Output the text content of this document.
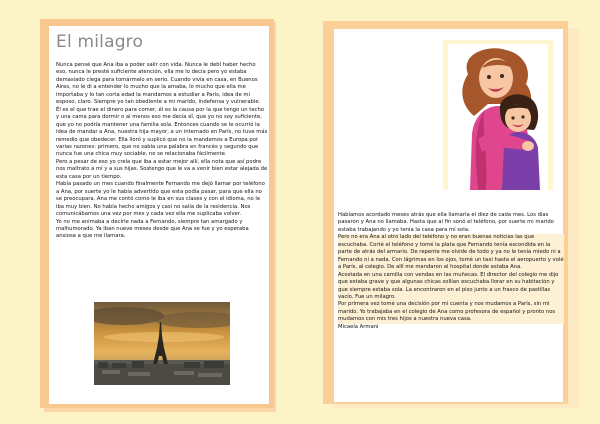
El milagro

Nunca pensé que Ana iba a poder salir con vida. Nunca le debí haber hecho eso, nunca le presté suficiente atención, ella me lo decía pero yo estaba demasiado ciega para tomármelo en serio. Cuando vivía en casa, en Buenos Aires, no le di a entender lo mucho que la amaba, lo mucho que ella me importaba y lo tan corta edad la mandamos a estudiar a París, idea de mi esposo, claro. Siempre yo tan obediente a mi marido, indefensa y vulnerable.

Él es el que trae el dinero para comer, él es la causa por la que tengo un techo y una cama para dormir o al menos eso me decía él, que yo no soy suficiente, que yo no podría mantener una familia sola. Entonces cuando se le ocurrió la idea de mandar a Ana, nuestra hija mayor, a un internado en París, no tuve más remedio que obedecer. Ella lloró y suplicó que no la mandemos a Europa por varias razones: primero, que no sabía una palabra en francés y segundo que nunca fue una chica muy sociable, no se relacionaba fácilmente.

Pero a pesar de eso yo creía que iba a estar mejor allí, ella nota que así podre nos maltrato a mí y a sus hijas. Sostengo que le va a venir bien estar alejada de esta casa por un tiempo.

Había pasado un mes cuando finalmente Fernando me dejó llamar por teléfono a Ana, por suerte yo le había advertido que esta podía pasar, para que ella no se preocupara. Ana me contó como le iba en sus clases y con el idioma, no le iba muy bien. No había hecho amigos y casi no salía de la residencia. Nos comunicábamos una vez por mes y cada vez ella me suplicaba volver.

Yo no me animaba a decírle nada a Fernando, siempre tan amargado y malhumorado. Ya iban nueve meses desde que Ana se fue y yo esperaba ansiosa a que me llamara.

Habíamos acordado meses atrás que ella llamaría el diez de cada mes. Los días pasaron y Ana no llamaba. Hasta que al fin sonó el teléfono, por suerte mi marido estaba trabajando y yo tenía la casa para mí sola.

Pero no era Ana al otro lado del teléfono y no eran buenas noticias las que escuchaba. Corté el teléfono y tomé la plata que Fernando tenía escondida en la parte de atrás del armario. De repente me olvide de todo y ya no le tenía miedo ni a Fernando ni a nada. Con lágrimas en los ojos, tomé un taxi hasta el aeropuerto y volé a París, al colegio. De allí me mandaron al hospital donde estaba Ana.

Acostada en una camilla con vendas en las muñecas. El director del colegio me dijo que estaba grave y que algunas chicas sollían escuchaba llorar en su habitación y que siempre estaba sola. La encontraron en el piso junto a un frasco de pastillas vacío. Fue un milagro.

Por primera vez tomé una decisión por mi cuenta y nos mudamos a París, sin mi marido. Yo trabajaba en el colegio de Ana como profesora de español y pronto nos mudamos con mis tres hijos a nuestra nueva casa.

Micaela Armani
